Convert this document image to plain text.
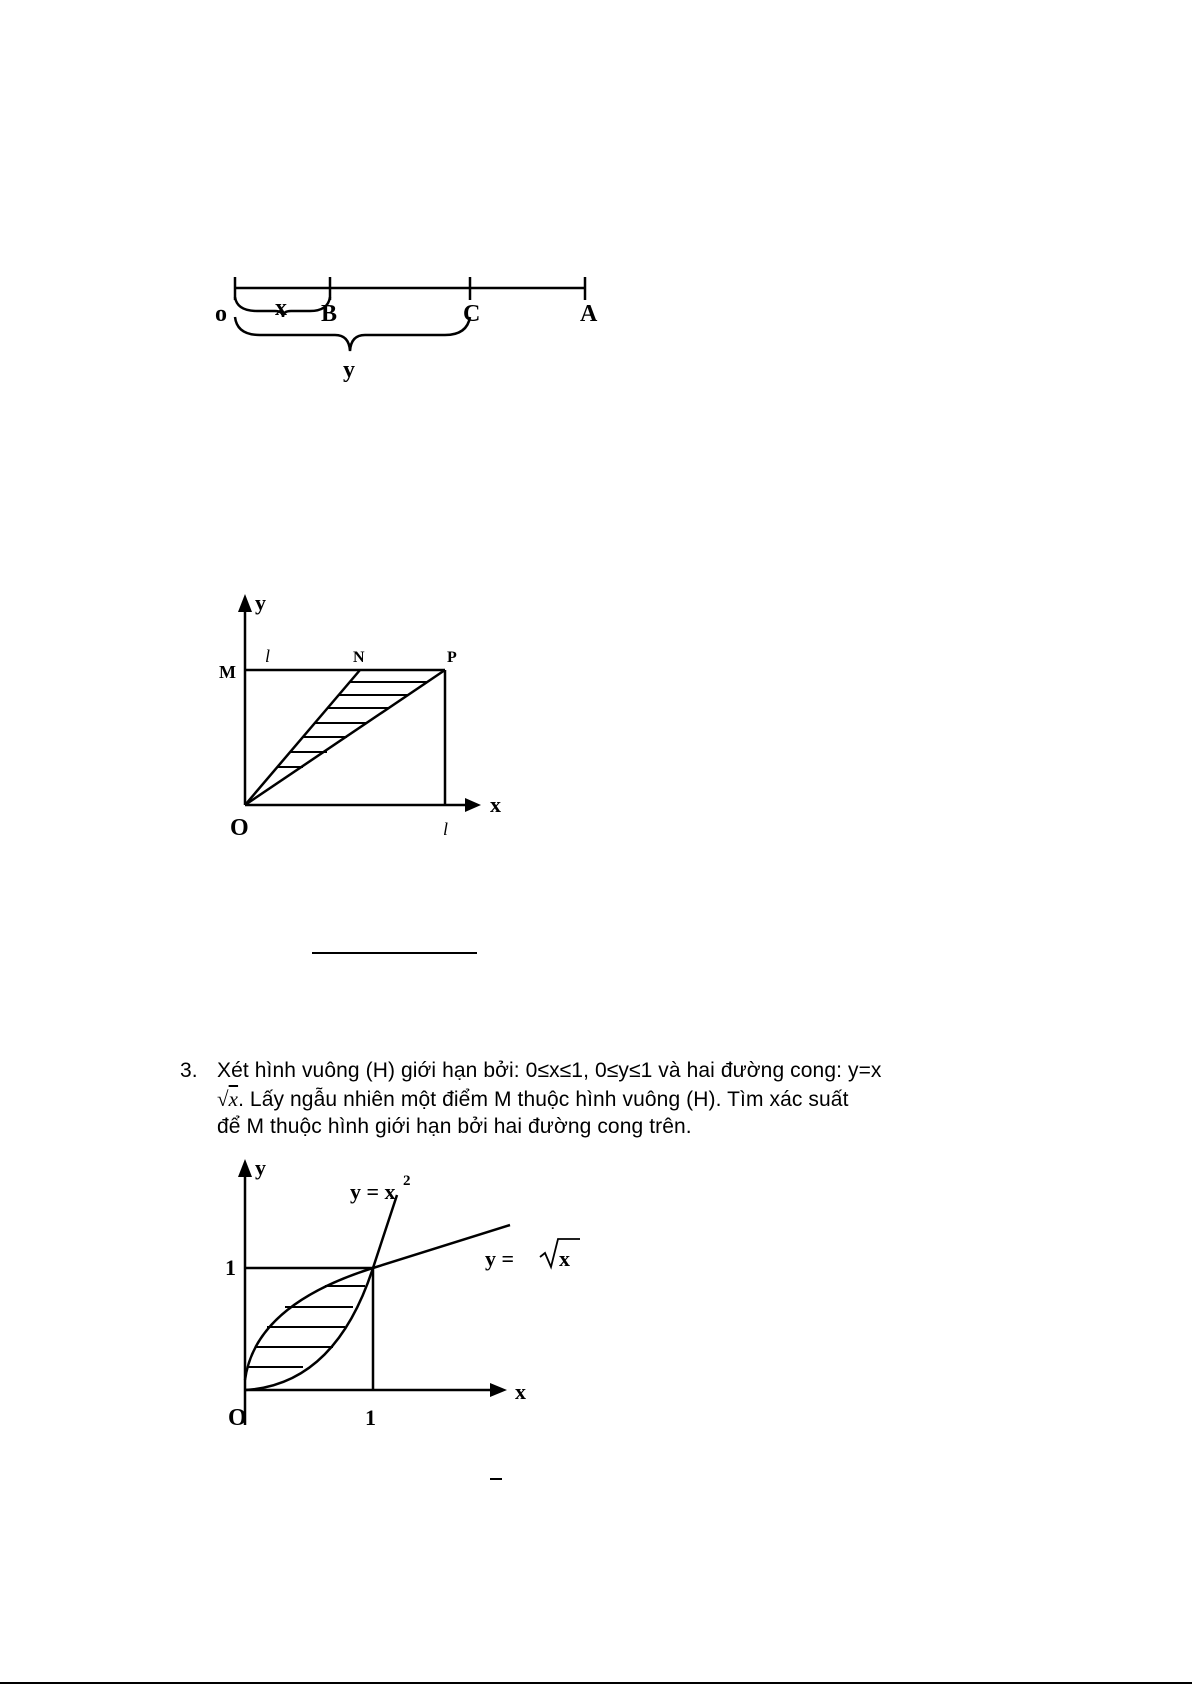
o x B	C	A
y
x
y
M
l	N	P
O	l
3. Xét hình vuông (H) giới hạn bởi: 0≤x≤1, 0≤y≤1 và hai đường cong: y=x
√x. Lấy ngẫu nhiên một điểm M thuộc hình vuông (H). Tìm xác suất
để M thuộc hình giới hạn bởi hai đường cong trên.
x
y
y = x 2
y = x
1
O	1
